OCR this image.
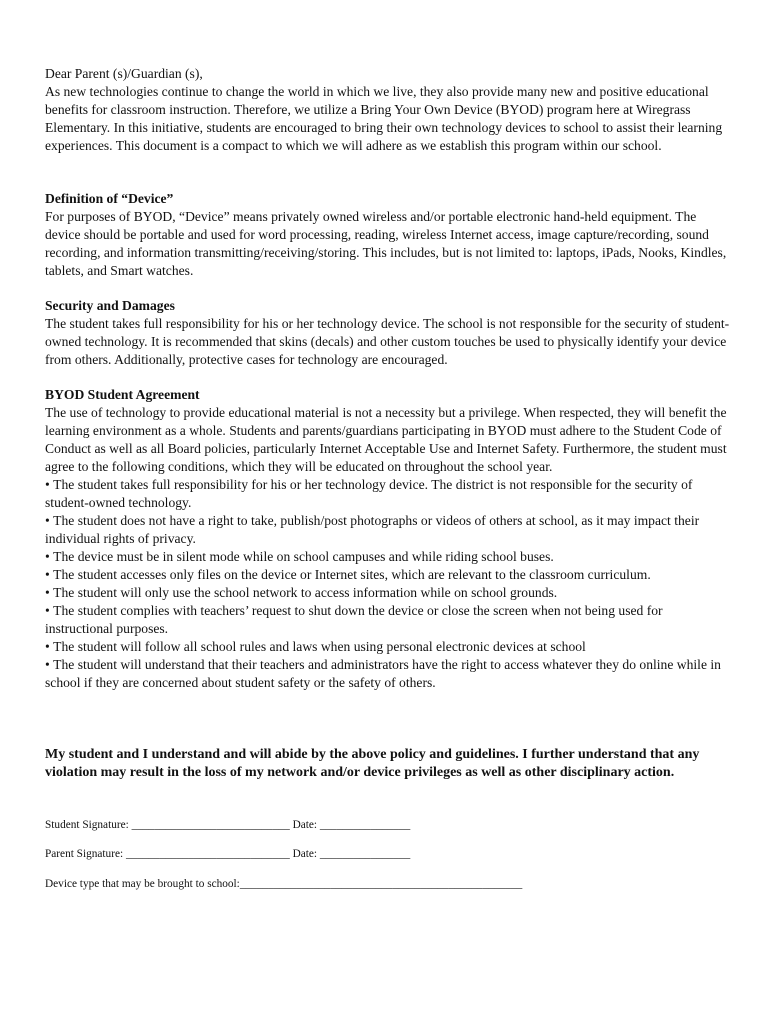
Dear Parent (s)/Guardian (s),

As new technologies continue to change the world in which we live, they also provide many new and positive educational benefits for classroom instruction. Therefore, we utilize a Bring Your Own Device (BYOD) program here at Wiregrass Elementary. In this initiative, students are encouraged to bring their own technology devices to school to assist their learning experiences. This document is a compact to which we will adhere as we establish this program within our school.

Definition of “Device”

For purposes of BYOD, “Device” means privately owned wireless and/or portable electronic hand-held equipment. The device should be portable and used for word processing, reading, wireless Internet access, image capture/recording, sound recording, and information transmitting/receiving/storing. This includes, but is not limited to: laptops, iPads, Nooks, Kindles, tablets, and Smart watches.

Security and Damages

The student takes full responsibility for his or her technology device. The school is not responsible for the security of student-owned technology. It is recommended that skins (decals) and other custom touches be used to physically identify your device from others. Additionally, protective cases for technology are encouraged.

BYOD Student Agreement

The use of technology to provide educational material is not a necessity but a privilege. When respected, they will benefit the learning environment as a whole. Students and parents/guardians participating in BYOD must adhere to the Student Code of Conduct as well as all Board policies, particularly Internet Acceptable Use and Internet Safety. Furthermore, the student must agree to the following conditions, which they will be educated on throughout the school year.

• The student takes full responsibility for his or her technology device. The district is not responsible for the security of student-owned technology.
• The student does not have a right to take, publish/post photographs or videos of others at school, as it may impact their individual rights of privacy.
• The device must be in silent mode while on school campuses and while riding school buses.
• The student accesses only files on the device or Internet sites, which are relevant to the classroom curriculum.
• The student will only use the school network to access information while on school grounds.
• The student complies with teachers’ request to shut down the device or close the screen when not being used for instructional purposes.
• The student will follow all school rules and laws when using personal electronic devices at school
• The student will understand that their teachers and administrators have the right to access whatever they do online while in school if they are concerned about student safety or the safety of others.
My student and I understand and will abide by the above policy and guidelines. I further understand that any violation may result in the loss of my network and/or device privileges as well as other disciplinary action.
Student Signature: ____________________________ Date: ________________
Parent Signature: _____________________________ Date: ________________
Device type that may be brought to school:__________________________________________________
